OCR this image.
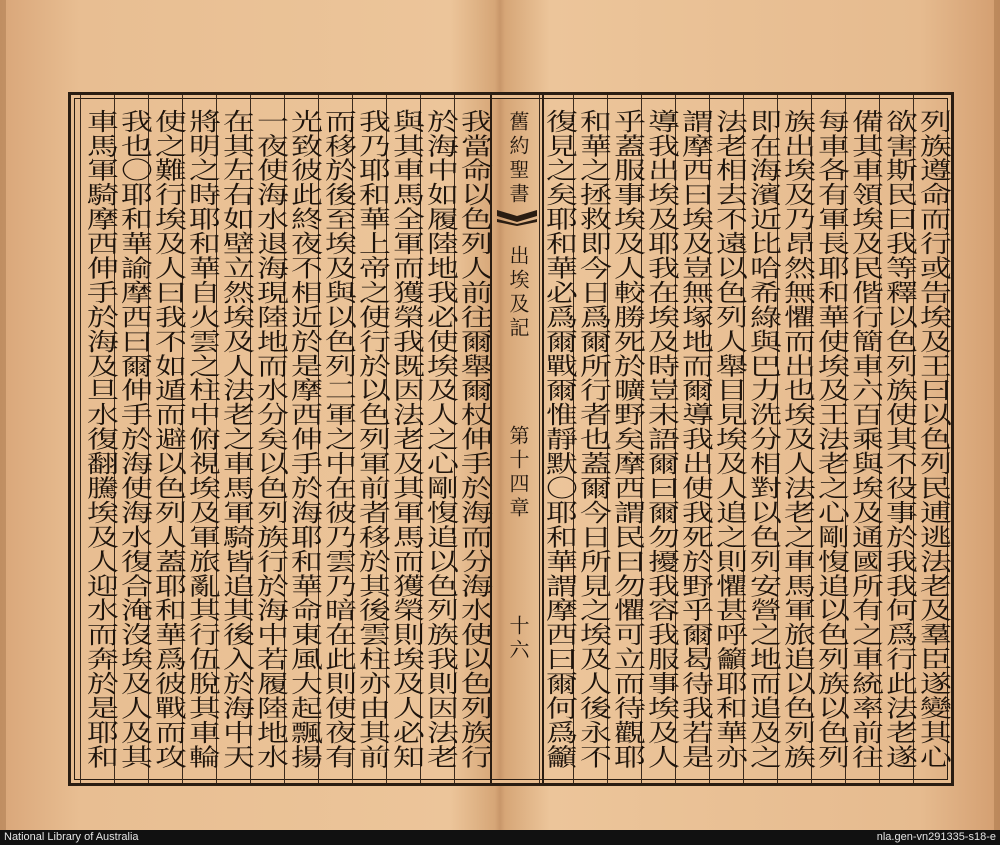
我當命以色列人前往爾舉爾杖伸手於海而分海水使以色列族行
於海中如履陸地我必使埃及人之心剛愎追以色列族我則因法老
與其車馬全軍而獲榮我既因法老及其軍馬而獲榮則埃及人必知
我乃耶和華上帝之使行於以色列軍前者移於其後雲柱亦由其前
而移於後至埃及與以色列二軍之中在彼乃雲乃暗在此則使夜有
光致彼此終夜不相近於是摩西伸手於海耶和華命東風大起飄揚
一夜使海水退海現陸地而水分矣以色列族行於海中若履陸地水
在其左右如壁立然埃及人法老之車馬軍騎皆追其後入於海中天
將明之時耶和華自火雲之柱中俯視埃及軍旅亂其行伍脫其車輪
使之難行埃及人曰我不如遁而避以色列人蓋耶和華爲彼戰而攻
我也〇耶和華諭摩西曰爾伸手於海使海水復合淹沒埃及人及其
車馬軍騎摩西伸手於海及旦水復翻騰埃及人迎水而奔於是耶和	舊約聖書
出埃及記
第十四章
十六	列族遵命而行或告埃及王曰以色列民逋逃法老及羣臣遂變其心
欲害斯民曰我等釋以色列族使其不役事於我我何爲行此法老遂
備其車領埃及民偕行簡車六百乘與埃及通國所有之車統率前往
每車各有軍長耶和華使埃及王法老之心剛愎追以色列族以色列
族出埃及乃昂然無懼而出也埃及人法老之車馬軍旅追以色列族
即在海濱近比哈希綠與巴力洗分相對以色列安營之地而追及之
法老相去不遠以色列人舉目見埃及人追之則懼甚呼籲耶和華亦
謂摩西曰埃及豈無塚地而爾導我出使我死於野乎爾曷待我若是
導我出埃及耶我在埃及時豈未語爾曰爾勿擾我容我服事埃及人
乎蓋服事埃及人較勝死於曠野矣摩西謂民曰勿懼可立而待觀耶
和華之拯救即今日爲爾所行者也蓋爾今日所見之埃及人後永不
復見之矣耶和華必爲爾戰爾惟靜默〇耶和華謂摩西曰爾何爲籲
National Library of Australia	nla.gen-vn291335-s18-e
